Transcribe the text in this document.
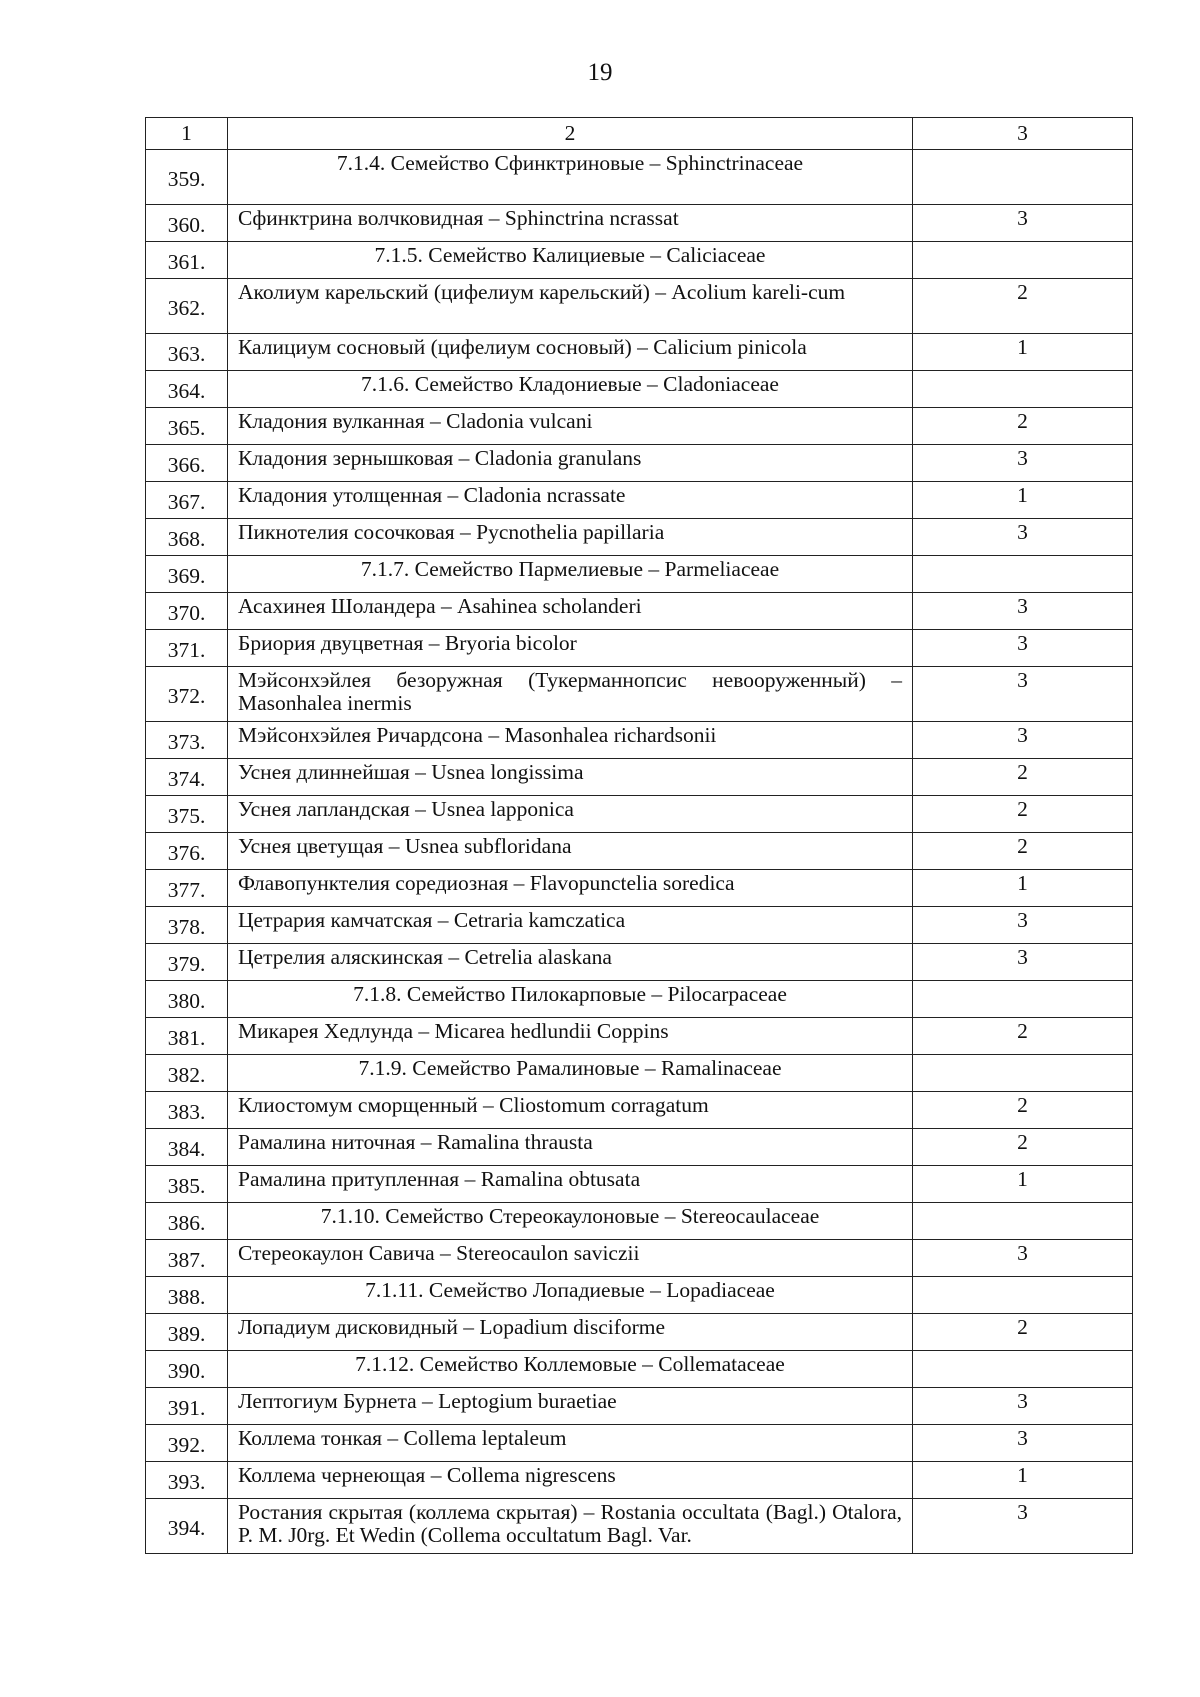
19
1	2	3
359.	7.1.4. Семейство Сфинктриновые – Sphinctrinaceae	
360.	Сфинктрина волчковидная – Sphinctrina ncrassat	3
361.	7.1.5. Семейство Калициевые – Caliciaceae	
362.	Аколиум карельский (цифелиум карельский) – Acolium kareli-cum	2
363.	Калициум сосновый (цифелиум сосновый) – Calicium pinicola	1
364.	7.1.6. Семейство Кладониевые – Cladoniaceae	
365.	Кладония вулканная – Cladonia vulcani	2
366.	Кладония зернышковая – Cladonia granulans	3
367.	Кладония утолщенная – Cladonia ncrassate	1
368.	Пикнотелия сосочковая – Pycnothelia papillaria	3
369.	7.1.7. Семейство Пармелиевые – Parmeliaceae	
370.	Асахинея Шоландера – Asahinea scholanderi	3
371.	Бриория двуцветная – Bryoria bicolor	3
372.	Мэйсонхэйлея безоружная (Тукерманнопсис невооруженный) – Masonhalea inermis	3
373.	Мэйсонхэйлея Ричардсона – Masonhalea richardsonii	3
374.	Уснея длиннейшая – Usnea longissima	2
375.	Уснея лапландская – Usnea lapponica	2
376.	Уснея цветущая – Usnea subfloridana	2
377.	Флавопунктелия соредиозная – Flavopunctelia soredica	1
378.	Цетрария камчатская – Cetraria kamczatica	3
379.	Цетрелия аляскинская – Cetrelia alaskana	3
380.	7.1.8. Семейство Пилокарповые – Pilocarpaceae	
381.	Микарея Хедлунда – Micarea hedlundii Coppins	2
382.	7.1.9. Семейство Рамалиновые – Ramalinaceae	
383.	Клиостомум сморщенный – Cliostomum corragatum	2
384.	Рамалина ниточная – Ramalina thrausta	2
385.	Рамалина притупленная – Ramalina obtusata	1
386.	7.1.10. Семейство Стереокаулоновые – Stereocaulaceae	
387.	Стереокаулон Савича – Stereocaulon saviczii	3
388.	7.1.11. Семейство Лопадиевые – Lopadiaceae	
389.	Лопадиум дисковидный – Lopadium disciforme	2
390.	7.1.12. Семейство Коллемовые – Collemataceae	
391.	Лептогиум Бурнета – Leptogium buraetiae	3
392.	Коллема тонкая – Collema leptaleum	3
393.	Коллема чернеющая – Collema nigrescens	1
394.	Ростания скрытая (коллема скрытая) – Rostania occultata (Bagl.) Otalora, P. M. J0rg. Et Wedin (Collema occultatum Bagl. Var.	3
